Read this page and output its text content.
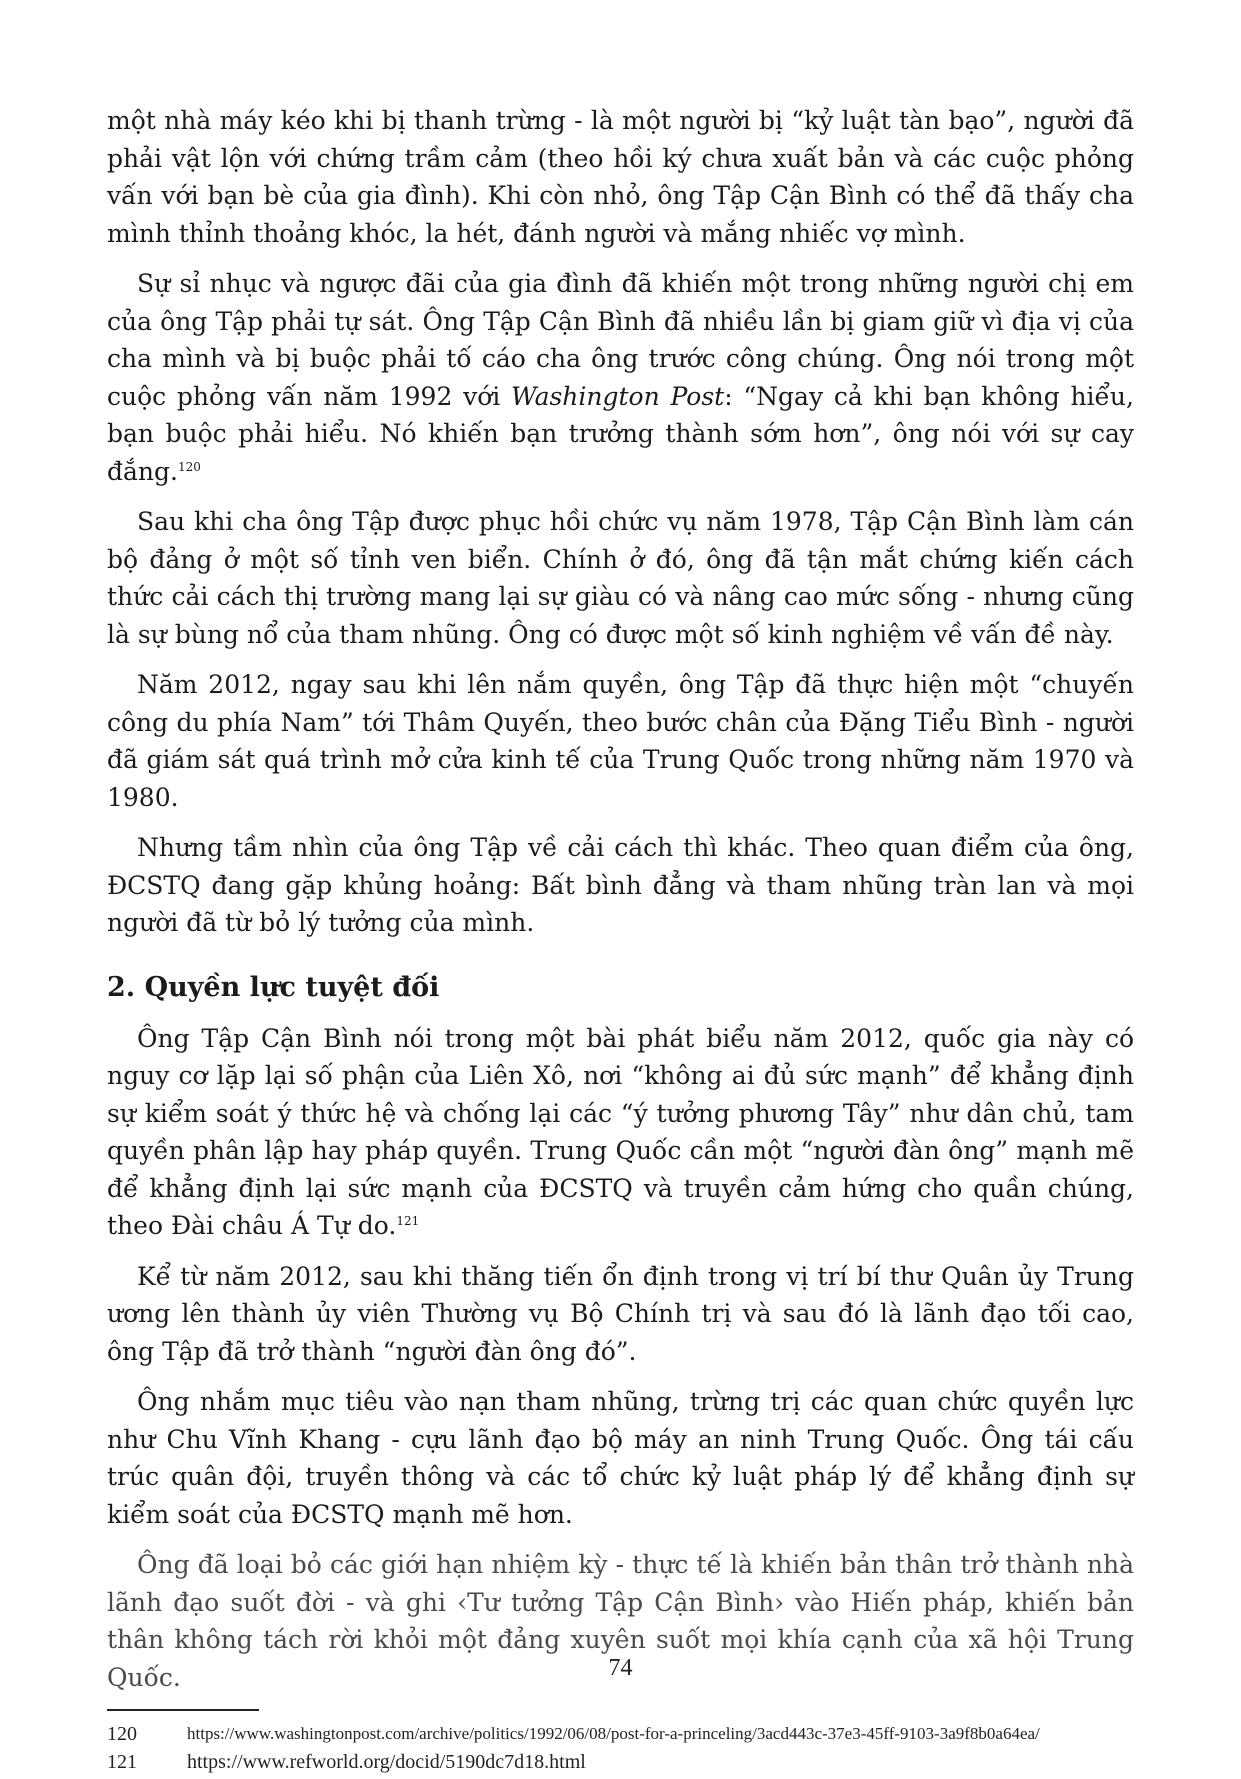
một nhà máy kéo khi bị thanh trừng - là một người bị “kỷ luật tàn bạo”, người đã phải vật lộn với chứng trầm cảm (theo hồi ký chưa xuất bản và các cuộc phỏng vấn với bạn bè của gia đình). Khi còn nhỏ, ông Tập Cận Bình có thể đã thấy cha mình thỉnh thoảng khóc, la hét, đánh người và mắng nhiếc vợ mình.

Sự sỉ nhục và ngược đãi của gia đình đã khiến một trong những người chị em của ông Tập phải tự sát. Ông Tập Cận Bình đã nhiều lần bị giam giữ vì địa vị của cha mình và bị buộc phải tố cáo cha ông trước công chúng. Ông nói trong một cuộc phỏng vấn năm 1992 với Washington Post: “Ngay cả khi bạn không hiểu, bạn buộc phải hiểu. Nó khiến bạn trưởng thành sớm hơn”, ông nói với sự cay đắng.$^{120}$

Sau khi cha ông Tập được phục hồi chức vụ năm 1978, Tập Cận Bình làm cán bộ đảng ở một số tỉnh ven biển. Chính ở đó, ông đã tận mắt chứng kiến cách thức cải cách thị trường mang lại sự giàu có và nâng cao mức sống - nhưng cũng là sự bùng nổ của tham nhũng. Ông có được một số kinh nghiệm về vấn đề này.

Năm 2012, ngay sau khi lên nắm quyền, ông Tập đã thực hiện một “chuyến công du phía Nam” tới Thâm Quyến, theo bước chân của Đặng Tiểu Bình - người đã giám sát quá trình mở cửa kinh tế của Trung Quốc trong những năm 1970 và 1980.

Nhưng tầm nhìn của ông Tập về cải cách thì khác. Theo quan điểm của ông, ĐCSTQ đang gặp khủng hoảng: Bất bình đẳng và tham nhũng tràn lan và mọi người đã từ bỏ lý tưởng của mình.

2. Quyền lực tuyệt đối

Ông Tập Cận Bình nói trong một bài phát biểu năm 2012, quốc gia này có nguy cơ lặp lại số phận của Liên Xô, nơi “không ai đủ sức mạnh” để khẳng định sự kiểm soát ý thức hệ và chống lại các “ý tưởng phương Tây” như dân chủ, tam quyền phân lập hay pháp quyền. Trung Quốc cần một “người đàn ông” mạnh mẽ để khẳng định lại sức mạnh của ĐCSTQ và truyền cảm hứng cho quần chúng, theo Đài châu Á Tự do.$^{121}$

Kể từ năm 2012, sau khi thăng tiến ổn định trong vị trí bí thư Quân ủy Trung ương lên thành ủy viên Thường vụ Bộ Chính trị và sau đó là lãnh đạo tối cao, ông Tập đã trở thành “người đàn ông đó”.

Ông nhắm mục tiêu vào nạn tham nhũng, trừng trị các quan chức quyền lực như Chu Vĩnh Khang - cựu lãnh đạo bộ máy an ninh Trung Quốc. Ông tái cấu trúc quân đội, truyền thông và các tổ chức kỷ luật pháp lý để khẳng định sự kiểm soát của ĐCSTQ mạnh mẽ hơn.

Ông đã loại bỏ các giới hạn nhiệm kỳ - thực tế là khiến bản thân trở thành nhà lãnh đạo suốt đời - và ghi ‹Tư tưởng Tập Cận Bình› vào Hiến pháp, khiến bản thân không tách rời khỏi một đảng xuyên suốt mọi khía cạnh của xã hội Trung Quốc.

120	https://www.washingtonpost.com/archive/politics/1992/06/08/post-for-a-princeling/3acd443c-37e3-45ff-9103-3a9f8b0a64ea/
121	https://www.refworld.org/docid/5190dc7d18.html
74
